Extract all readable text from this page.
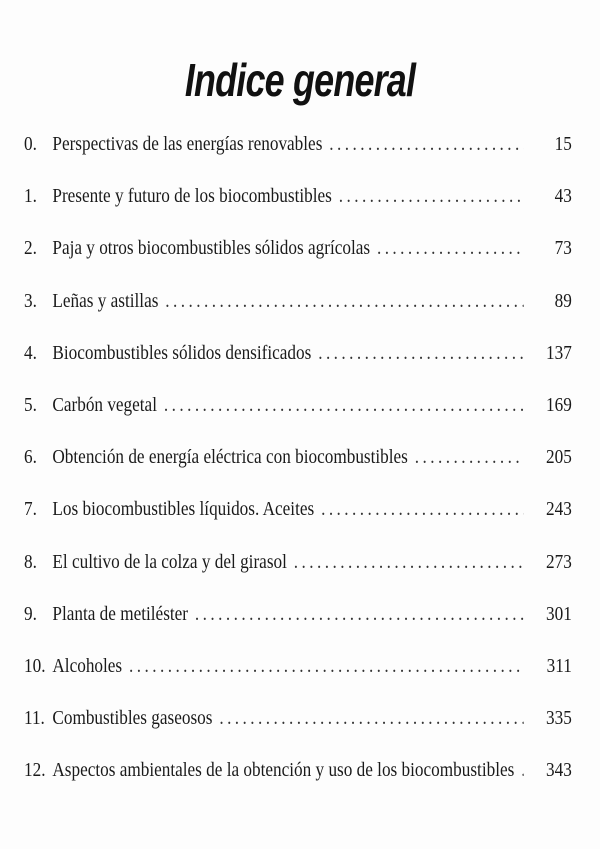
Indice general
0. Perspectivas de las energías renovables .....	15
1. Presente y futuro de los biocombustibles .....	43
2. Paja y otros biocombustibles sólidos agrícolas .....	73
3. Leñas y astillas .....	89
4. Biocombustibles sólidos densificados .....	137
5. Carbón vegetal .....	169
6. Obtención de energía eléctrica con biocombustibles .....	205
7. Los biocombustibles líquidos. Aceites .....	243
8. El cultivo de la colza y del girasol .....	273
9. Planta de metiléster .....	301
10. Alcoholes .....	311
11. Combustibles gaseosos .....	335
12. Aspectos ambientales de la obtención y uso de los biocombustibles .....	343
